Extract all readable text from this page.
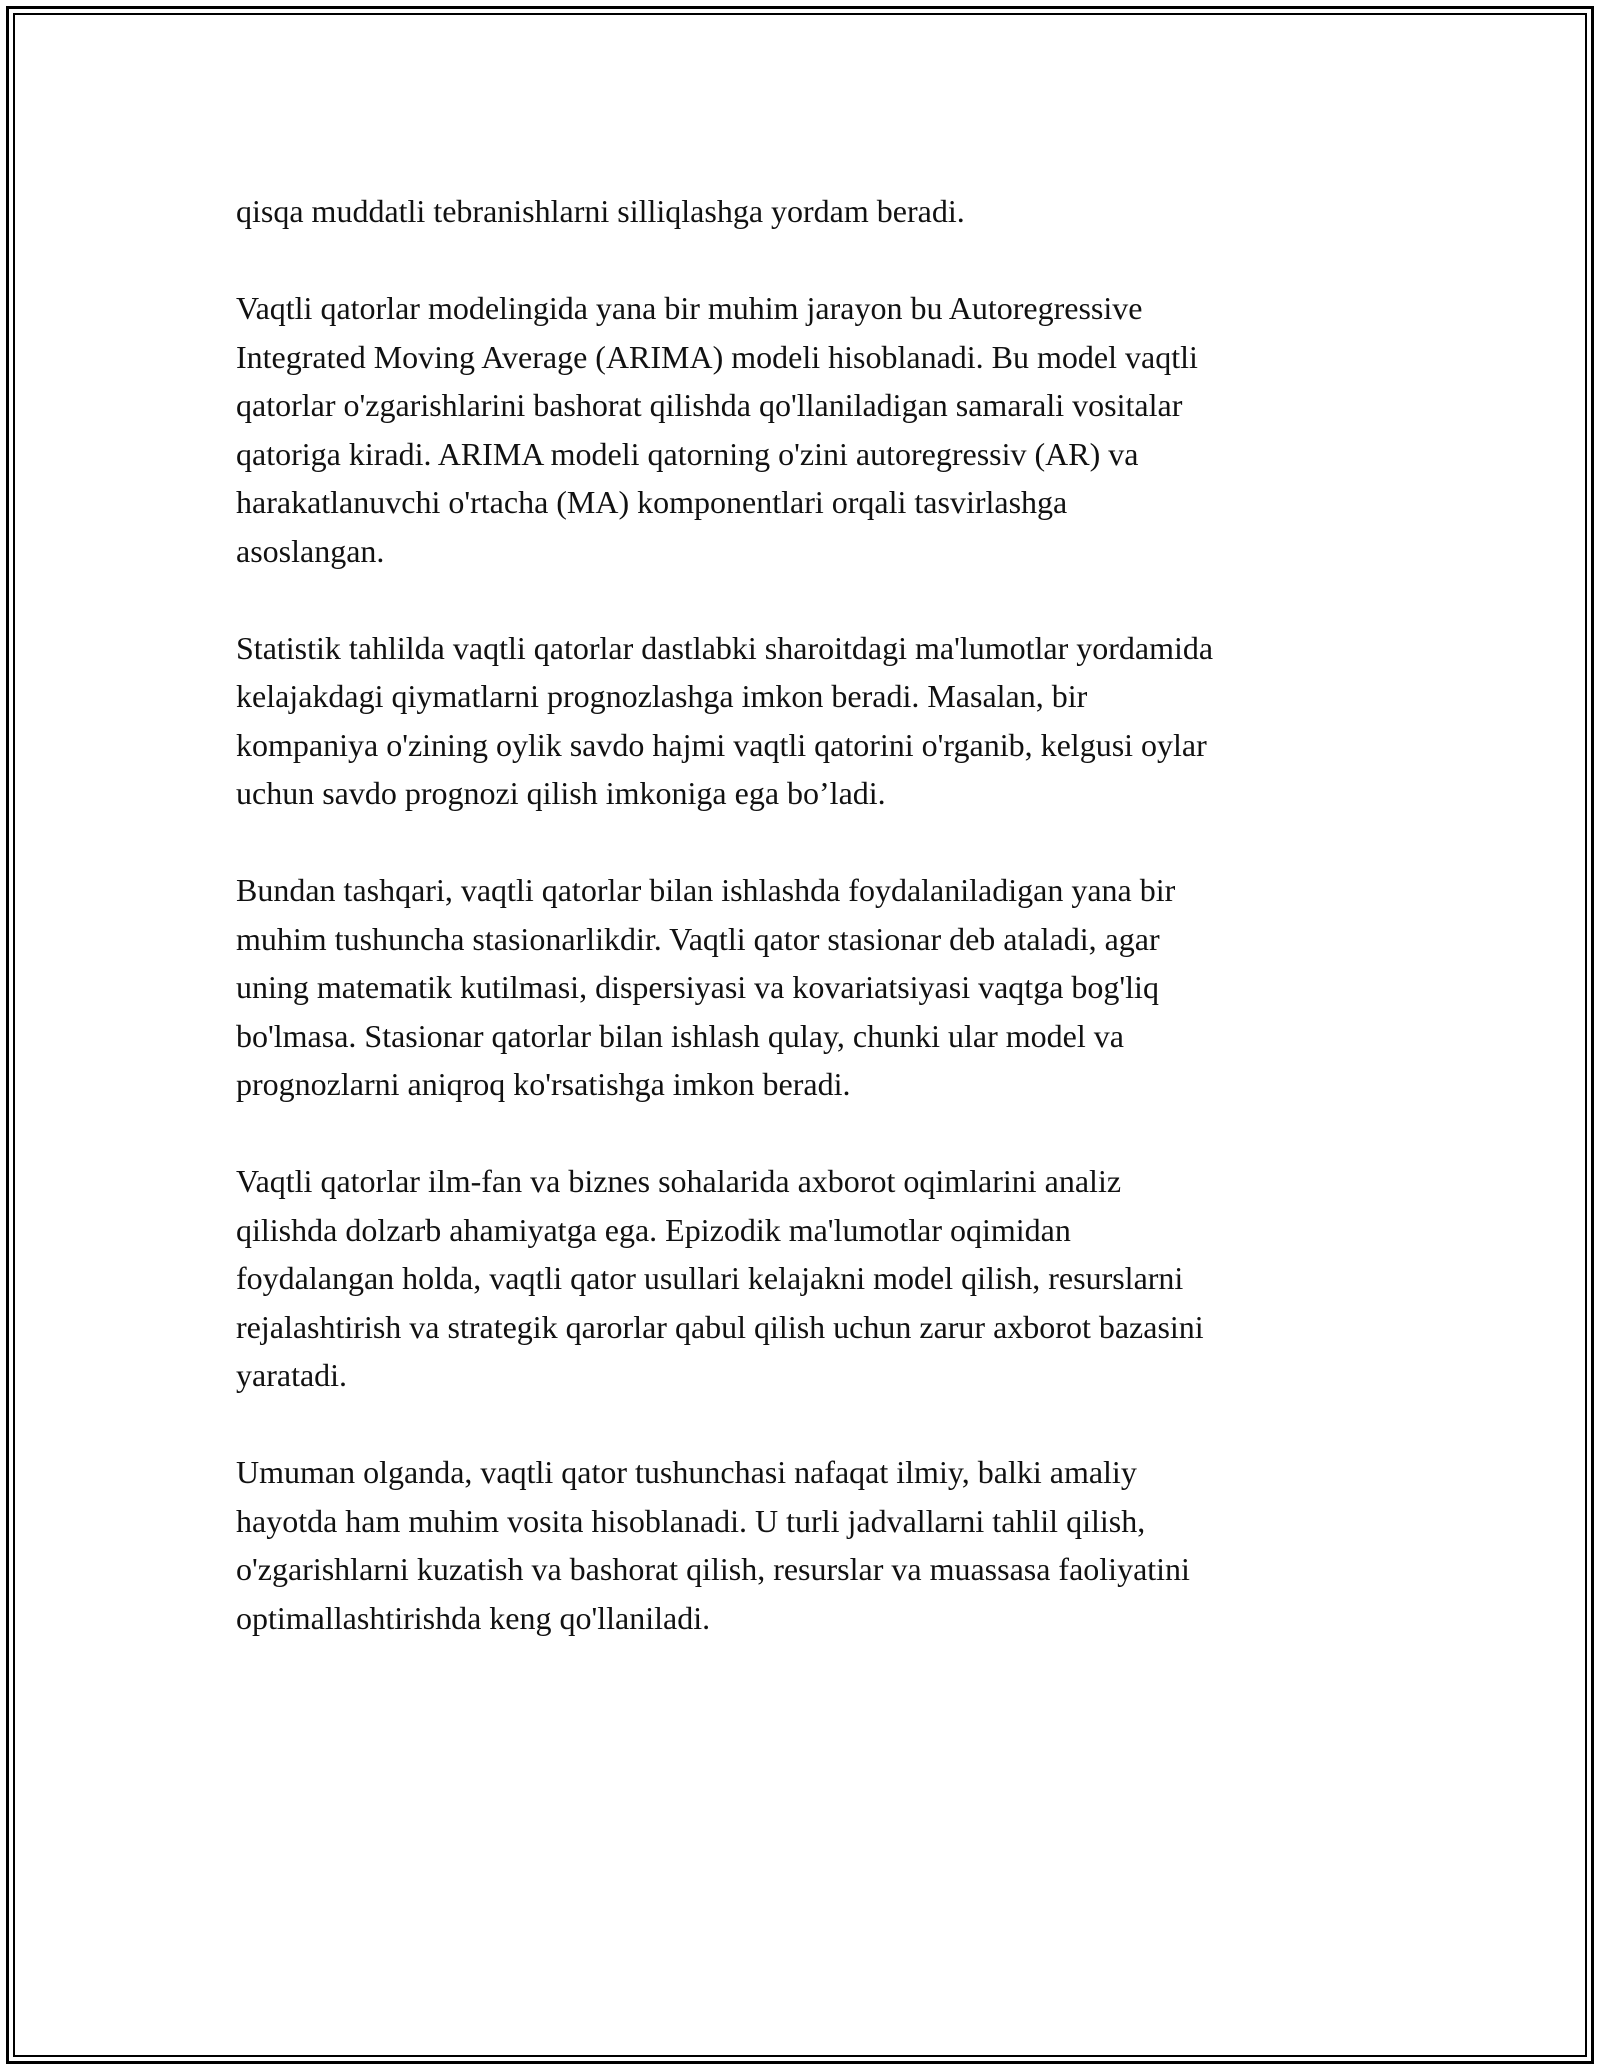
qisqa muddatli tebranishlarni silliqlashga yordam beradi.

Vaqtli qatorlar modelingida yana bir muhim jarayon bu Autoregressive
Integrated Moving Average (ARIMA) modeli hisoblanadi. Bu model vaqtli
qatorlar o'zgarishlarini bashorat qilishda qo'llaniladigan samarali vositalar
qatoriga kiradi. ARIMA modeli qatorning o'zini autoregressiv (AR) va
harakatlanuvchi o'rtacha (MA) komponentlari orqali tasvirlashga
asoslangan.

Statistik tahlilda vaqtli qatorlar dastlabki sharoitdagi ma'lumotlar yordamida
kelajakdagi qiymatlarni prognozlashga imkon beradi. Masalan, bir
kompaniya o'zining oylik savdo hajmi vaqtli qatorini o'rganib, kelgusi oylar
uchun savdo prognozi qilish imkoniga ega bo’ladi.

Bundan tashqari, vaqtli qatorlar bilan ishlashda foydalaniladigan yana bir
muhim tushuncha stasionarlikdir. Vaqtli qator stasionar deb ataladi, agar
uning matematik kutilmasi, dispersiyasi va kovariatsiyasi vaqtga bog'liq
bo'lmasa. Stasionar qatorlar bilan ishlash qulay, chunki ular model va
prognozlarni aniqroq ko'rsatishga imkon beradi.

Vaqtli qatorlar ilm-fan va biznes sohalarida axborot oqimlarini analiz
qilishda dolzarb ahamiyatga ega. Epizodik ma'lumotlar oqimidan
foydalangan holda, vaqtli qator usullari kelajakni model qilish, resurslarni
rejalashtirish va strategik qarorlar qabul qilish uchun zarur axborot bazasini
yaratadi.

Umuman olganda, vaqtli qator tushunchasi nafaqat ilmiy, balki amaliy
hayotda ham muhim vosita hisoblanadi. U turli jadvallarni tahlil qilish,
o'zgarishlarni kuzatish va bashorat qilish, resurslar va muassasa faoliyatini
optimallashtirishda keng qo'llaniladi.
